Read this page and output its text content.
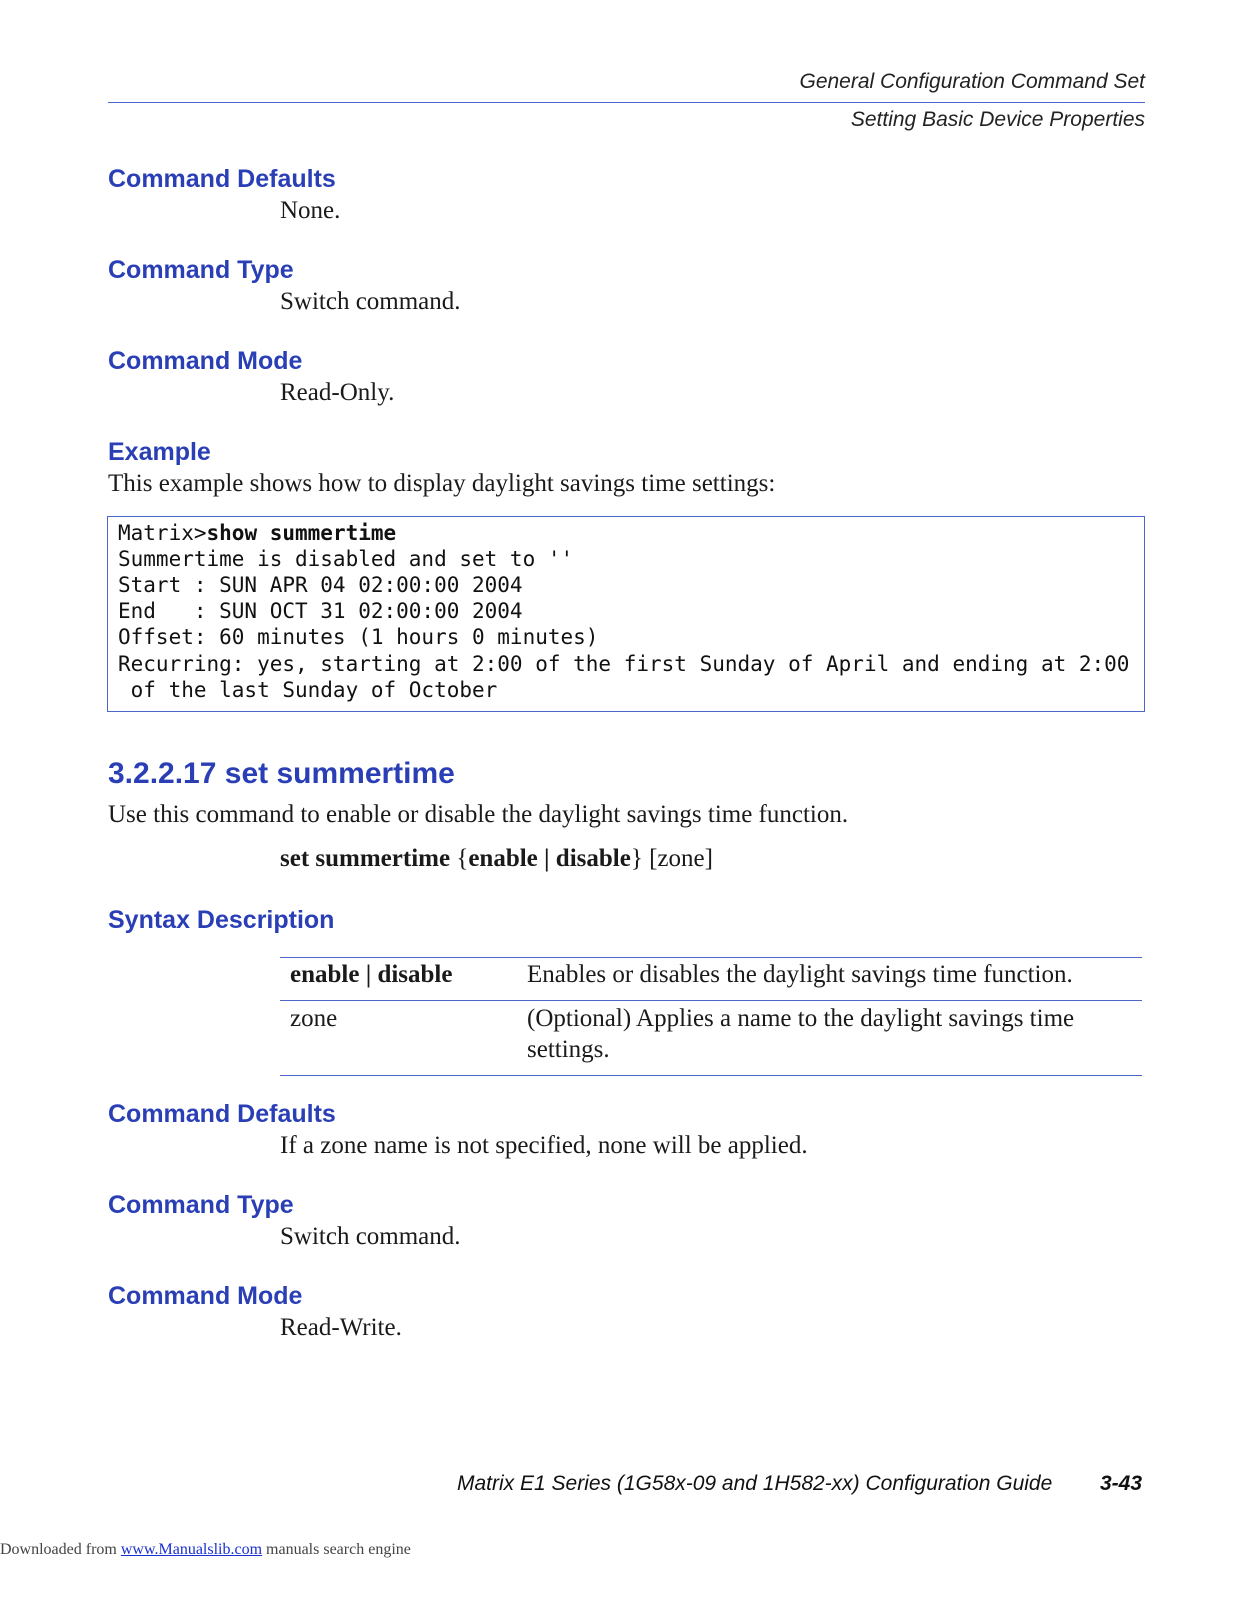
General Configuration Command Set
Setting Basic Device Properties
Command Defaults
None.
Command Type
Switch command.
Command Mode
Read-Only.
Example
This example shows how to display daylight savings time settings:
Matrix>show summertime
Summertime is disabled and set to ''
Start : SUN APR 04 02:00:00 2004
End   : SUN OCT 31 02:00:00 2004
Offset: 60 minutes (1 hours 0 minutes)
Recurring: yes, starting at 2:00 of the first Sunday of April and ending at 2:00
of the last Sunday of October
3.2.2.17 set summertime
Use this command to enable or disable the daylight savings time function.
set summertime {enable | disable} [zone]
Syntax Description
enable | disable	Enables or disables the daylight savings time function.
zone	(Optional) Applies a name to the daylight savings time
settings.
Command Defaults
If a zone name is not specified, none will be applied.
Command Type
Switch command.
Command Mode
Read-Write.
Matrix E1 Series (1G58x-09 and 1H582-xx) Configuration Guide 3-43
Downloaded from www.Manualslib.com manuals search engine
